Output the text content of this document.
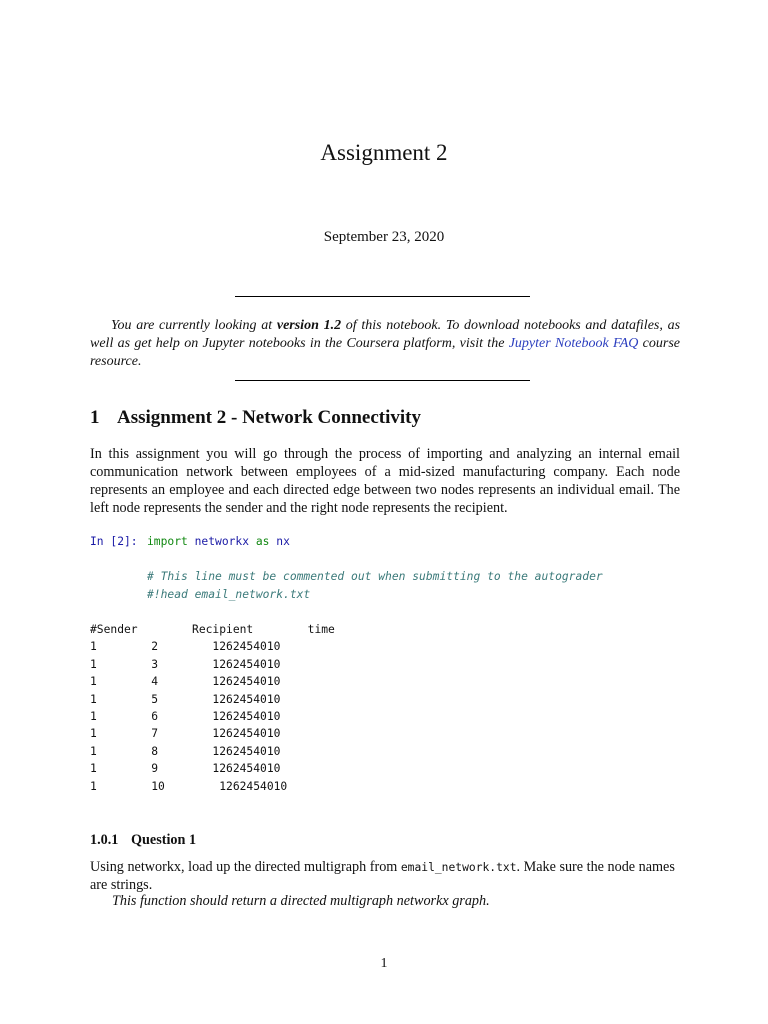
Assignment 2
September 23, 2020
You are currently looking at version 1.2 of this notebook. To download notebooks and datafiles, as well as get help on Jupyter notebooks in the Coursera platform, visit the Jupyter Notebook FAQ course resource.
1 Assignment 2 - Network Connectivity
In this assignment you will go through the process of importing and analyzing an internal email communication network between employees of a mid-sized manufacturing company. Each node represents an employee and each directed edge between two nodes represents an individual email. The left node represents the sender and the right node represents the recipient.
In [2]: import networkx as nx
# This line must be commented out when submitting to the autograder
#!head email_network.txt
#Sender        Recipient        time
1        2        1262454010
1        3        1262454010
1        4        1262454010
1        5        1262454010
1        6        1262454010
1        7        1262454010
1        8        1262454010
1        9        1262454010
1        10        1262454010
1.0.1 Question 1
Using networkx, load up the directed multigraph from email_network.txt. Make sure the node names are strings.
This function should return a directed multigraph networkx graph.
1
